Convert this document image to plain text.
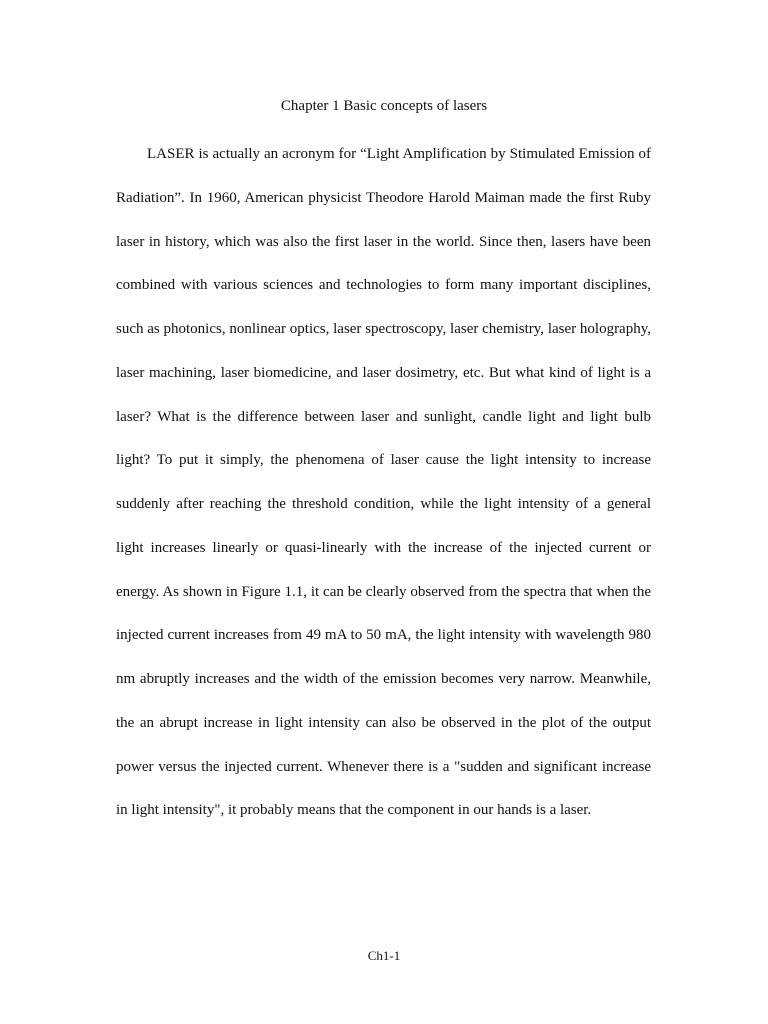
Chapter 1 Basic concepts of lasers

LASER is actually an acronym for “Light Amplification by Stimulated Emission of Radiation”. In 1960, American physicist Theodore Harold Maiman made the first Ruby laser in history, which was also the first laser in the world. Since then, lasers have been combined with various sciences and technologies to form many important disciplines, such as photonics, nonlinear optics, laser spectroscopy, laser chemistry, laser holography, laser machining, laser biomedicine, and laser dosimetry, etc. But what kind of light is a laser? What is the difference between laser and sunlight, candle light and light bulb light? To put it simply, the phenomena of laser cause the light intensity to increase suddenly after reaching the threshold condition, while the light intensity of a general light increases linearly or quasi-linearly with the increase of the injected current or energy. As shown in Figure 1.1, it can be clearly observed from the spectra that when the injected current increases from 49 mA to 50 mA, the light intensity with wavelength 980 nm abruptly increases and the width of the emission becomes very narrow. Meanwhile, the an abrupt increase in light intensity can also be observed in the plot of the output power versus the injected current. Whenever there is a "sudden and significant increase in light intensity", it probably means that the component in our hands is a laser.

Ch1-1
